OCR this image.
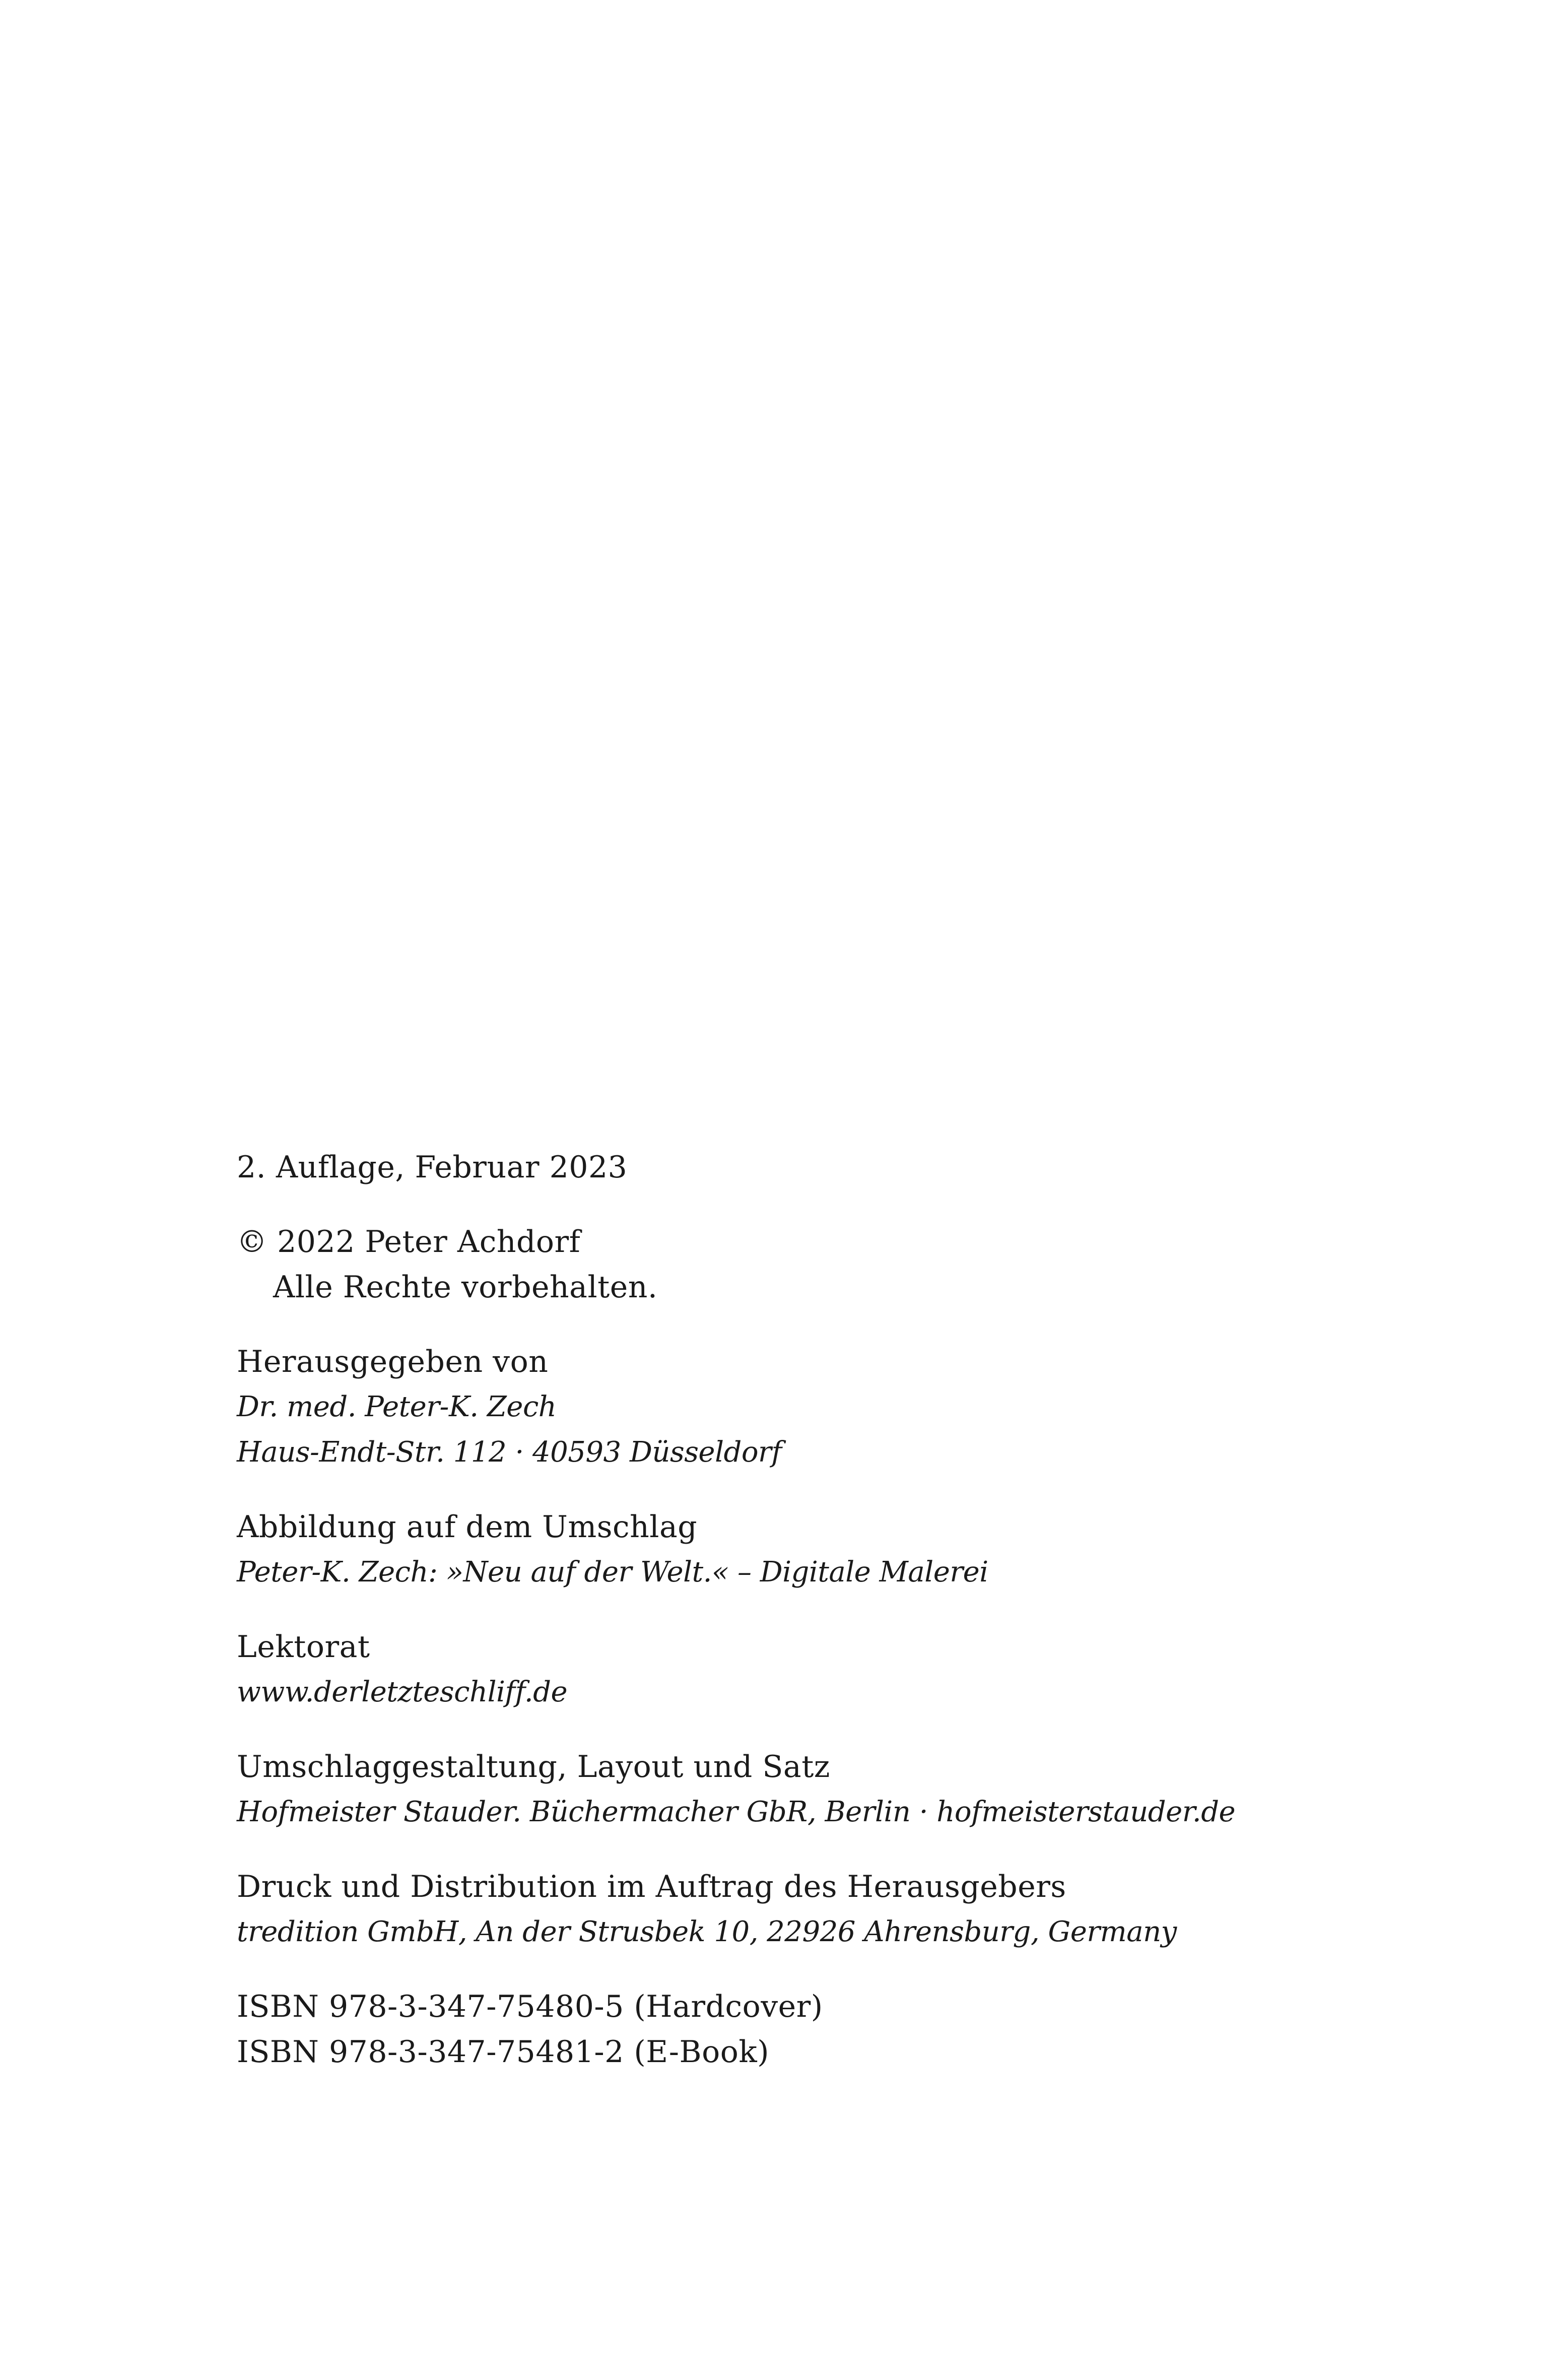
2. Auflage, Februar 2023
© 2022 Peter Achdorf
Alle Rechte vorbehalten.
Herausgegeben von
Dr. med. Peter-K. Zech
Haus-Endt-Str. 112 · 40593 Düsseldorf
Abbildung auf dem Umschlag
Peter-K. Zech: »Neu auf der Welt.« – Digitale Malerei
Lektorat
www.derletzteschliff.de
Umschlaggestaltung, Layout und Satz
Hofmeister Stauder. Büchermacher GbR, Berlin · hofmeisterstauder.de
Druck und Distribution im Auftrag des Herausgebers
tredition GmbH, An der Strusbek 10, 22926 Ahrensburg, Germany
ISBN 978-3-347-75480-5 (Hardcover)
ISBN 978-3-347-75481-2 (E-Book)
